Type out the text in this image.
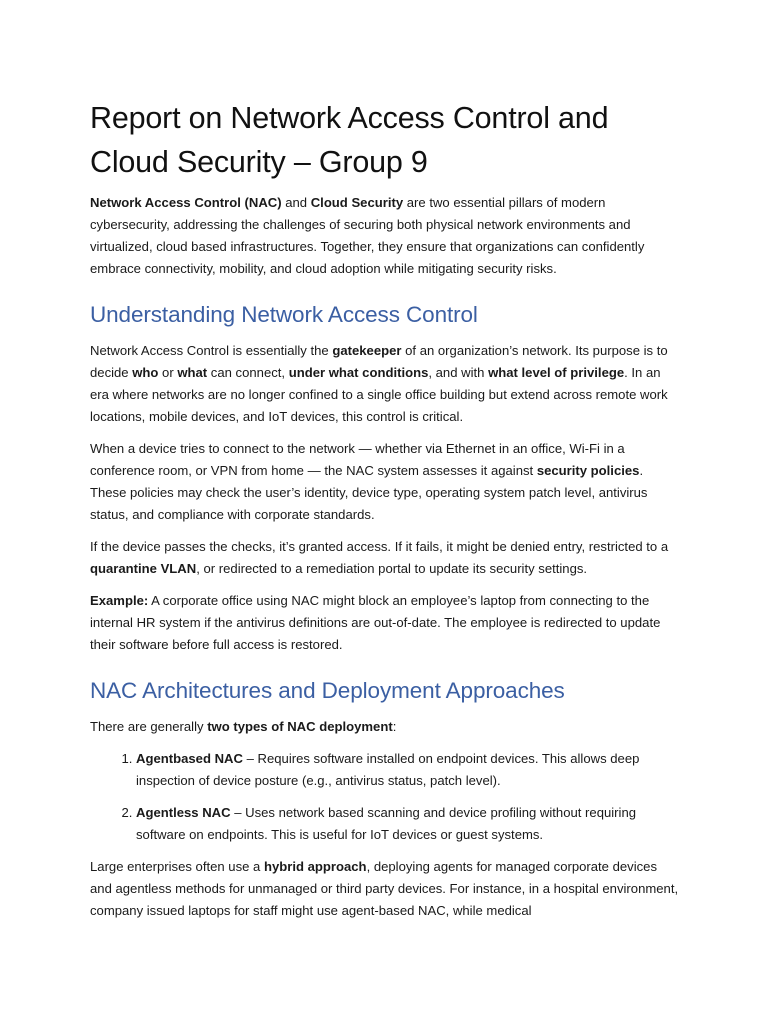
Report on Network Access Control and Cloud Security – Group 9

Network Access Control (NAC) and Cloud Security are two essential pillars of modern cybersecurity, addressing the challenges of securing both physical network environments and virtualized, cloud based infrastructures. Together, they ensure that organizations can confidently embrace connectivity, mobility, and cloud adoption while mitigating security risks.

Understanding Network Access Control

Network Access Control is essentially the gatekeeper of an organization’s network. Its purpose is to decide who or what can connect, under what conditions, and with what level of privilege. In an era where networks are no longer confined to a single office building but extend across remote work locations, mobile devices, and IoT devices, this control is critical.

When a device tries to connect to the network — whether via Ethernet in an office, Wi-Fi in a conference room, or VPN from home — the NAC system assesses it against security policies. These policies may check the user’s identity, device type, operating system patch level, antivirus status, and compliance with corporate standards.

If the device passes the checks, it’s granted access. If it fails, it might be denied entry, restricted to a quarantine VLAN, or redirected to a remediation portal to update its security settings.

Example: A corporate office using NAC might block an employee’s laptop from connecting to the internal HR system if the antivirus definitions are out-of-date. The employee is redirected to update their software before full access is restored.

NAC Architectures and Deployment Approaches

There are generally two types of NAC deployment:

1. Agentbased NAC – Requires software installed on endpoint devices. This allows deep inspection of device posture (e.g., antivirus status, patch level).
2. Agentless NAC – Uses network based scanning and device profiling without requiring software on endpoints. This is useful for IoT devices or guest systems.

Large enterprises often use a hybrid approach, deploying agents for managed corporate devices and agentless methods for unmanaged or third party devices. For instance, in a hospital environment, company issued laptops for staff might use agent-based NAC, while medical
